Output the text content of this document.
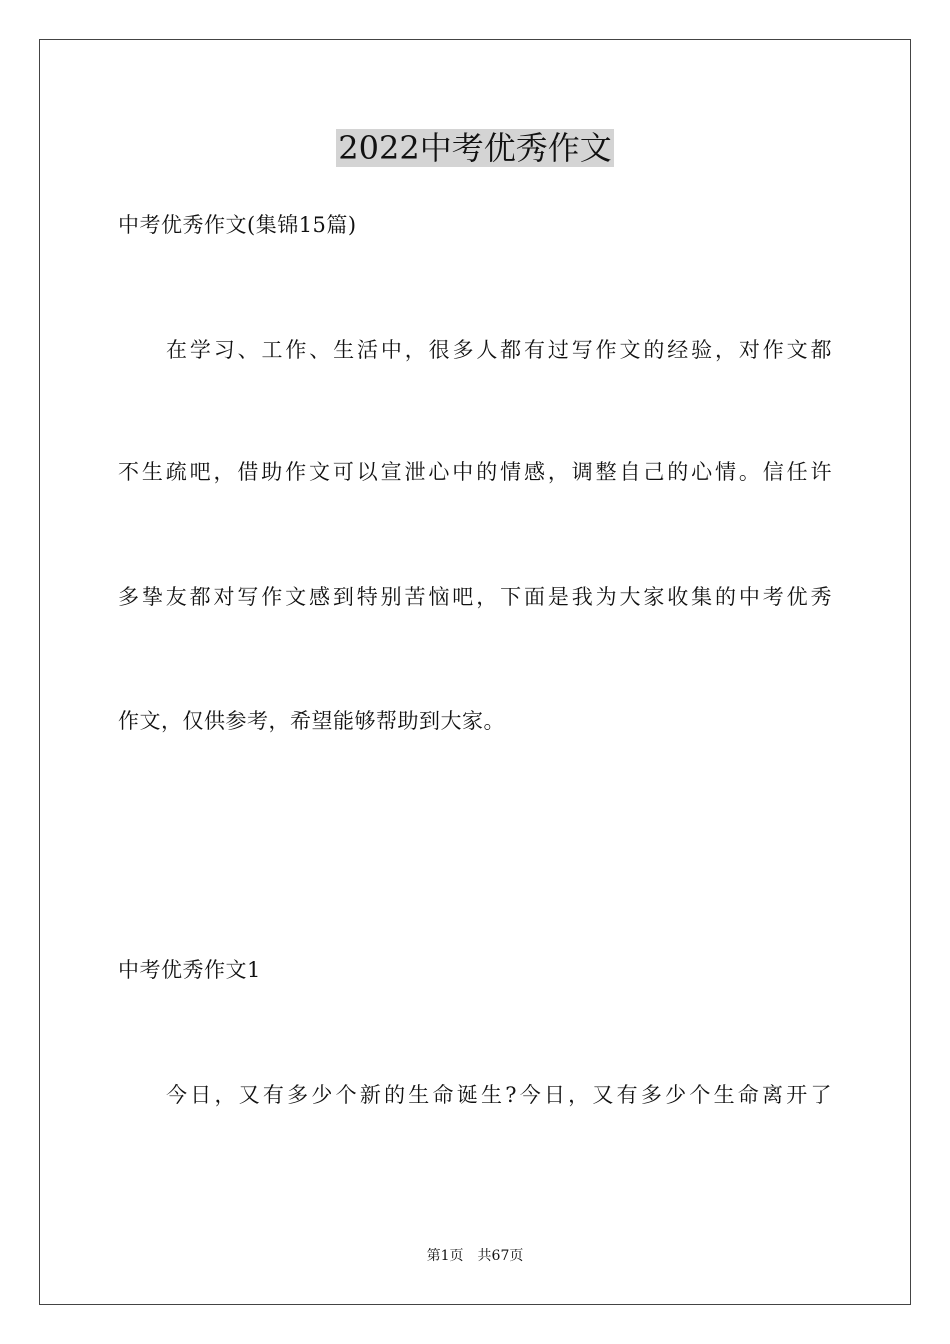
2022中考优秀作文
中考优秀作文(集锦15篇)
在学习、工作、生活中，很多人都有过写作文的经验，对作文都
不生疏吧，借助作文可以宣泄心中的情感，调整自己的心情。信任许
多挚友都对写作文感到特别苦恼吧，下面是我为大家收集的中考优秀
作文，仅供参考，希望能够帮助到大家。
中考优秀作文1
今日，又有多少个新的生命诞生?今日，又有多少个生命离开了
第1页 共67页
